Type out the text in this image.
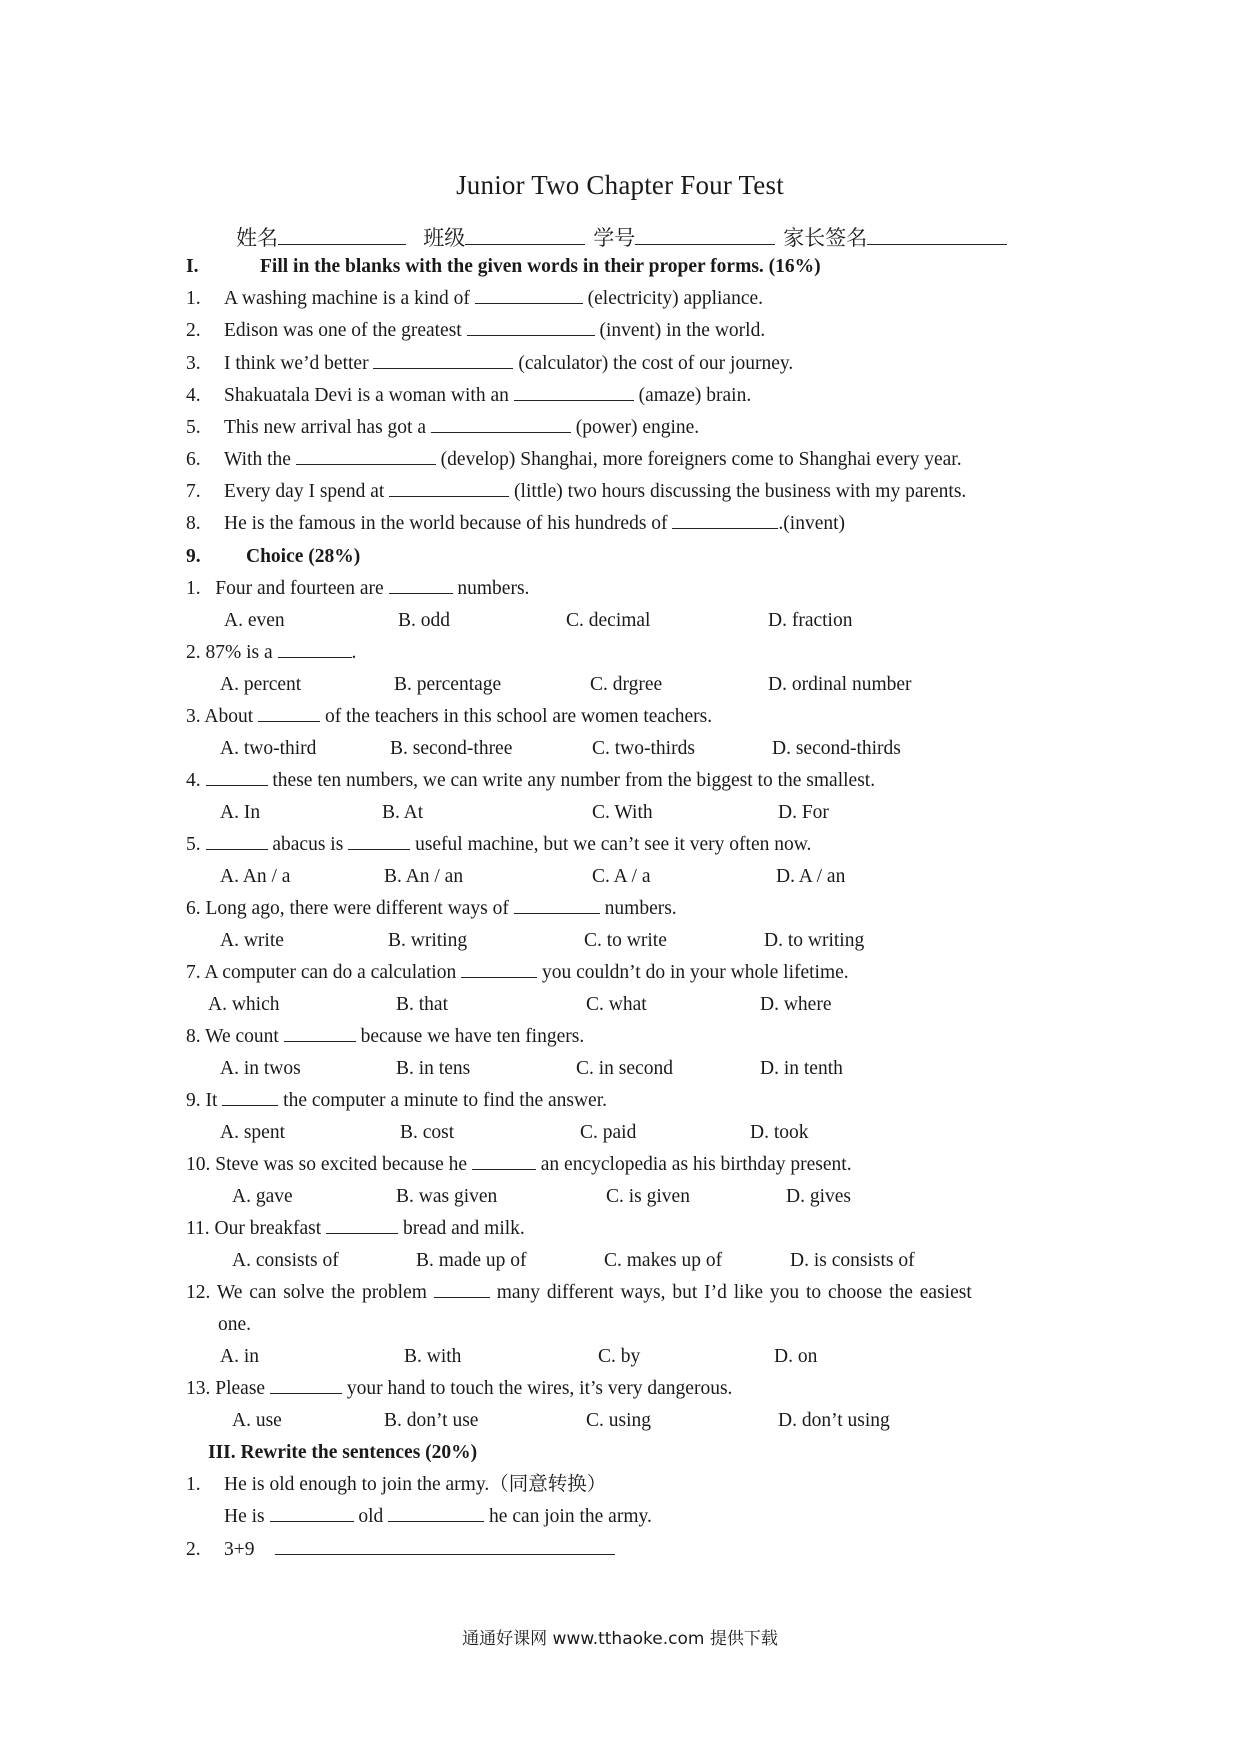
Junior Two Chapter Four Test
姓名	班级	学号	家长签名
I.	Fill in the blanks with the given words in their proper forms. (16%)
1. A washing machine is a kind of	(electricity) appliance.
2. Edison was one of the greatest	(invent) in the world.
3. I think we’d better	(calculator) the cost of our journey.
4. Shakuatala Devi is a woman with an	(amaze) brain.
5. This new arrival has got a	(power) engine.
6. With the	(develop) Shanghai, more foreigners come to Shanghai every year.
7. Every day I spend at	(little) two hours discussing the business with my parents.
8. He is the famous in the world because of his hundreds of	.(invent)
9. Choice (28%)
1.   Four and fourteen are	numbers.
A. even	B. odd	C. decimal	D. fraction
2. 87% is a	.
A. percent	B. percentage	C. drgree	D. ordinal number
3. About	of the teachers in this school are women teachers.
A. two-third	B. second-three	C. two-thirds	D. second-thirds
4.	these ten numbers, we can write any number from the biggest to the smallest.
A. In	B. At	C. With	D. For
5.	abacus is	useful machine, but we can’t see it very often now.
A. An / a	B. An / an	C. A / a	D. A / an
6. Long ago, there were different ways of	numbers.
A. write	B. writing	C. to write	D. to writing
7. A computer can do a calculation	you couldn’t do in your whole lifetime.
A. which	B. that	C. what	D. where
8. We count	because we have ten fingers.
A. in twos	B. in tens	C. in second	D. in tenth
9. It	the computer a minute to find the answer.
A. spent	B. cost	C. paid	D. took
10. Steve was so excited because he	an encyclopedia as his birthday present.
A. gave	B. was given	C. is given	D. gives
11. Our breakfast	bread and milk.
A. consists of	B. made up of	C. makes up of	D. is consists of
12. We can solve the problem	many different ways, but I’d like you to choose the easiest
one.
A. in	B. with	C. by	D. on
13. Please	your hand to touch the wires, it’s very dangerous.
A. use	B. don’t use	C. using	D. don’t using
III. Rewrite the sentences (20%)
1. He is old enough to join the army.（同意转换）
He is	old	he can join the army.
2. 3+9
通通好课网 www.tthaoke.com 提供下载
